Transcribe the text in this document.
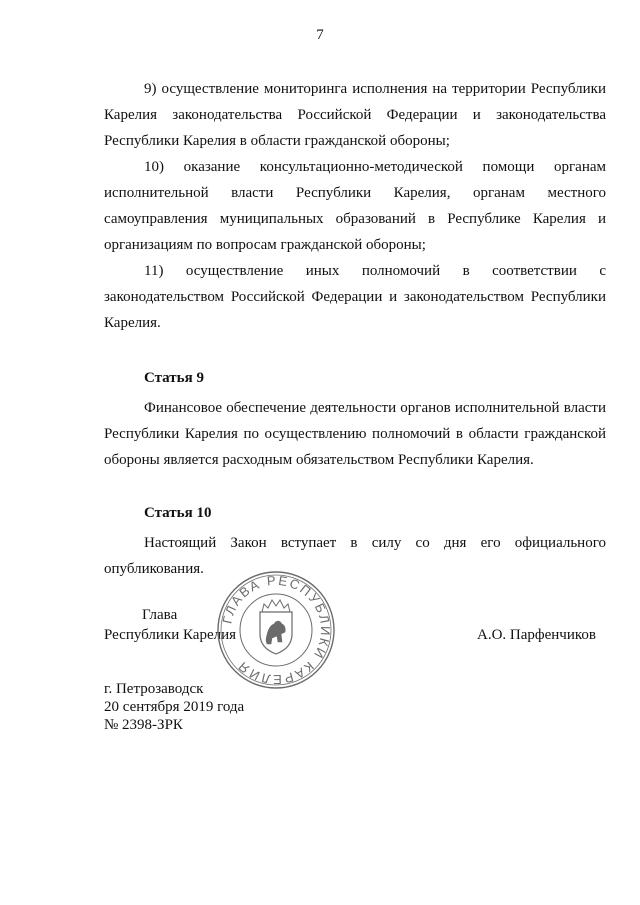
7

9) осуществление мониторинга исполнения на территории Республики Карелия законодательства Российской Федерации и законодательства Республики Карелия в области гражданской обороны;

10) оказание консультационно-методической помощи органам исполнительной власти Республики Карелия, органам местного самоуправления муниципальных образований в Республике Карелия и организациям по вопросам гражданской обороны;

11) осуществление иных полномочий в соответствии с законодательством Российской Федерации и законодательством Республики Карелия.

Статья 9

Финансовое обеспечение деятельности органов исполнительной власти Республики Карелия по осуществлению полномочий в области гражданской обороны является расходным обязательством Республики Карелия.

Статья 10

Настоящий Закон вступает в силу со дня его официального опубликования.

Глава
Республики Карелия	А.О. Парфенчиков
ГЛАВА РЕСПУБЛИКИ КАРЕЛИЯ
г. Петрозаводск
20 сентября 2019 года
№ 2398-ЗРК
